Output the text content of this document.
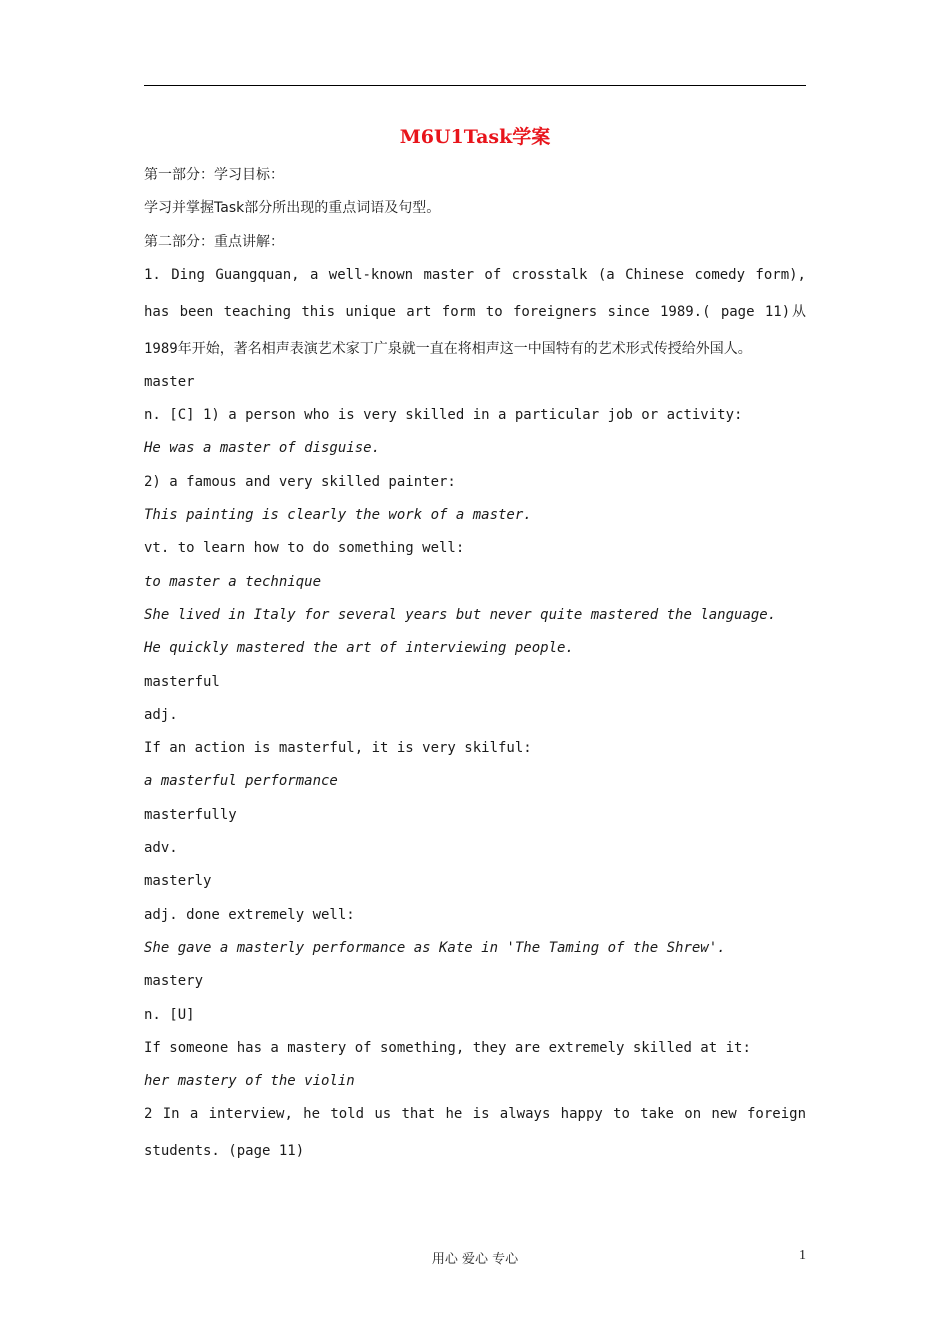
M6U1Task学案
第一部分：学习目标：
学习并掌握Task部分所出现的重点词语及句型。
第二部分：重点讲解：
1. Ding Guangquan, a well-known master of crosstalk (a Chinese comedy form), has been teaching this unique art form to foreigners since 1989.( page 11)从1989年开始，著名相声表演艺术家丁广泉就一直在将相声这一中国特有的艺术形式传授给外国人。
master
n. [C] 1) a person who is very skilled in a particular job or activity:
He was a master of disguise.
2) a famous and very skilled painter:
This painting is clearly the work of a master.
vt. to learn how to do something well:
to master a technique
She lived in Italy for several years but never quite mastered the language.
He quickly mastered the art of interviewing people.
masterful
adj.
If an action is masterful, it is very skilful:
a masterful performance
masterfully
adv.
masterly
adj. done extremely well:
She gave a masterly performance as Kate in 'The Taming of the Shrew'.
mastery
n. [U]
If someone has a mastery of something, they are extremely skilled at it:
her mastery of the violin
2 In a interview, he told us that he is always happy to take on new foreign students. (page 11)
用心 爱心 专心	1
